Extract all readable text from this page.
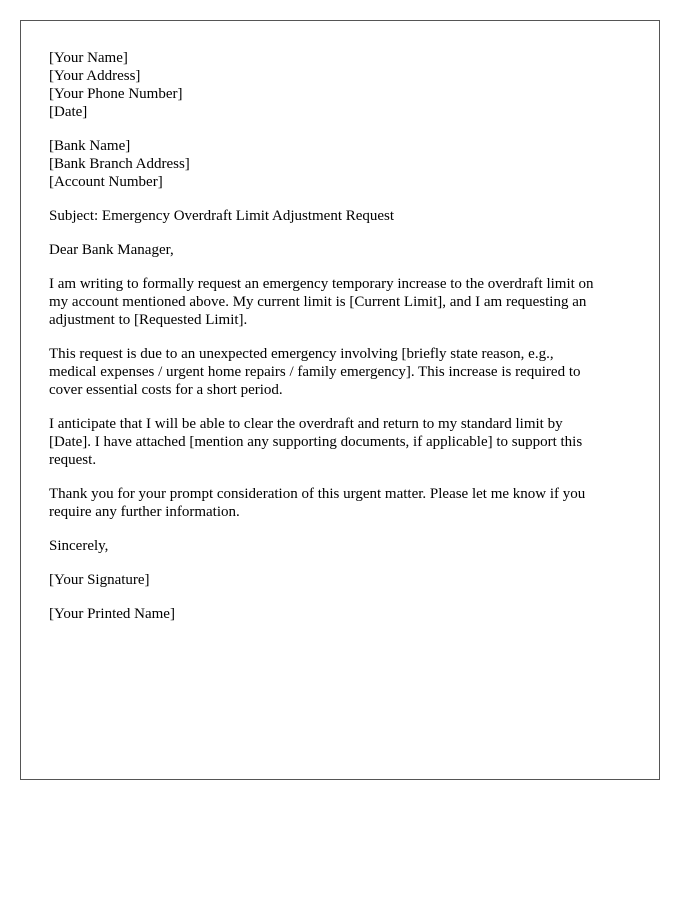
[Your Name]
[Your Address]
[Your Phone Number]
[Date]
[Bank Name]
[Bank Branch Address]
[Account Number]

Subject: Emergency Overdraft Limit Adjustment Request

Dear Bank Manager,

I am writing to formally request an emergency temporary increase to the overdraft limit on
my account mentioned above. My current limit is [Current Limit], and I am requesting an
adjustment to [Requested Limit].

This request is due to an unexpected emergency involving [briefly state reason, e.g.,
medical expenses / urgent home repairs / family emergency]. This increase is required to
cover essential costs for a short period.

I anticipate that I will be able to clear the overdraft and return to my standard limit by
[Date]. I have attached [mention any supporting documents, if applicable] to support this
request.

Thank you for your prompt consideration of this urgent matter. Please let me know if you
require any further information.

Sincerely,

[Your Signature]

[Your Printed Name]
